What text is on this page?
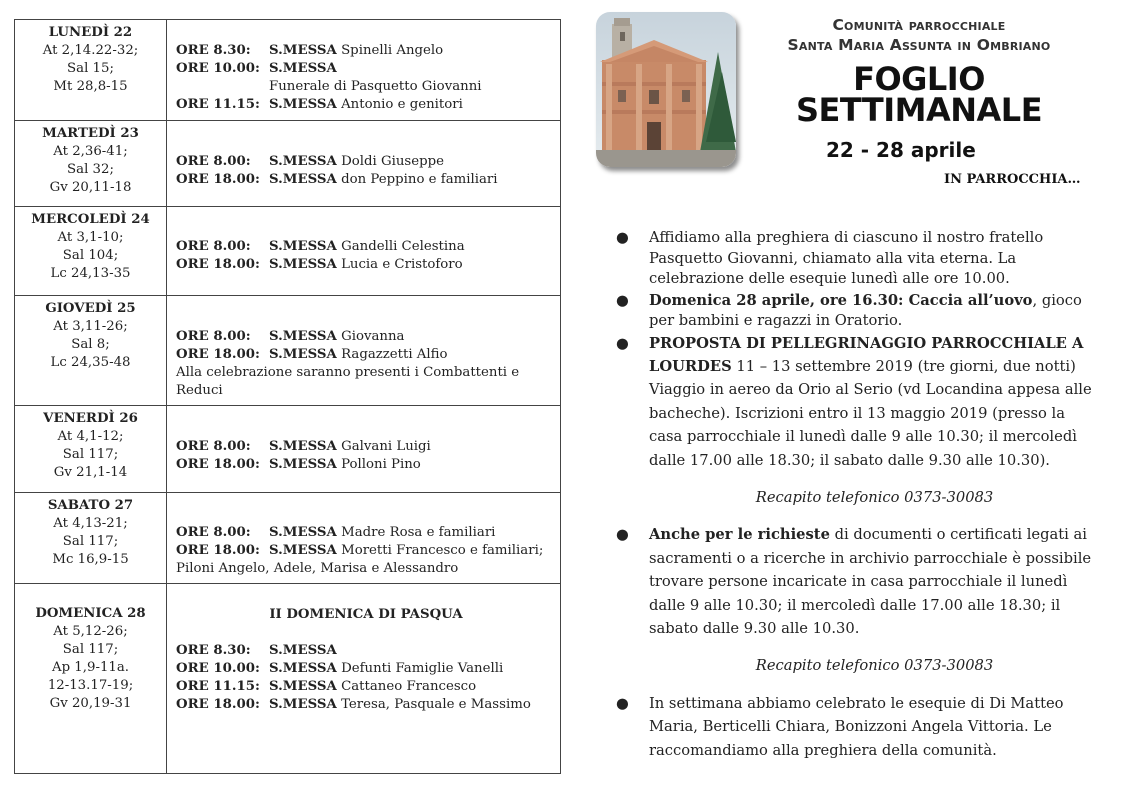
LUNEDÌ 22
At 2,14.22-32;
Sal 15;
Mt 28,8-15
ORE 8.30: S.MESSA Spinelli Angelo
ORE 10.00: S.MESSA
Funerale di Pasquetto Giovanni
ORE 11.15: S.MESSA Antonio e genitori
MARTEDÌ 23
At 2,36-41;
Sal 32;
Gv 20,11-18
ORE 8.00: S.MESSA Doldi Giuseppe
ORE 18.00: S.MESSA don Peppino e familiari
MERCOLEDÌ 24
At 3,1-10;
Sal 104;
Lc 24,13-35
ORE 8.00: S.MESSA Gandelli Celestina
ORE 18.00: S.MESSA Lucia e Cristoforo
GIOVEDÌ 25
At 3,11-26;
Sal 8;
Lc 24,35-48
ORE 8.00: S.MESSA Giovanna
ORE 18.00: S.MESSA Ragazzetti Alfio
Alla celebrazione saranno presenti i Combattenti e Reduci
VENERDÌ 26
At 4,1-12;
Sal 117;
Gv 21,1-14
ORE 8.00: S.MESSA Galvani Luigi
ORE 18.00: S.MESSA Polloni Pino
SABATO 27
At 4,13-21;
Sal 117;
Mc 16,9-15
ORE 8.00: S.MESSA Madre Rosa e familiari
ORE 18.00: S.MESSA Moretti Francesco e familiari;
Piloni Angelo, Adele, Marisa e Alessandro
DOMENICA 28
At 5,12-26;
Sal 117;
Ap 1,9-11a.
12-13.17-19;
Gv 20,19-31
II DOMENICA DI PASQUA
ORE 8.30: S.MESSA
ORE 10.00: S.MESSA Defunti Famiglie Vanelli
ORE 11.15: S.MESSA Cattaneo Francesco
ORE 18.00: S.MESSA Teresa, Pasquale e Massimo
Comunità parrocchiale
Santa Maria Assunta in Ombriano
FOGLIO
SETTIMANALE
22 - 28 aprile
IN PARROCCHIA…
● Affidiamo alla preghiera di ciascuno il nostro fratello Pasquetto Giovanni, chiamato alla vita eterna. La celebrazione delle esequie lunedì alle ore 10.00.
● Domenica 28 aprile, ore 16.30: Caccia all’uovo, gioco per bambini e ragazzi in Oratorio.
● PROPOSTA DI PELLEGRINAGGIO PARROCCHIALE A LOURDES 11 – 13 settembre 2019 (tre giorni, due notti) Viaggio in aereo da Orio al Serio (vd Locandina appesa alle bacheche). Iscrizioni entro il 13 maggio 2019 (presso la casa parrocchiale il lunedì dalle 9 alle 10.30; il mercoledì dalle 17.00 alle 18.30; il sabato dalle 9.30 alle 10.30).
Recapito telefonico 0373-30083
● Anche per le richieste di documenti o certificati legati ai sacramenti o a ricerche in archivio parrocchiale è possibile trovare persone incaricate in casa parrocchiale il lunedì dalle 9 alle 10.30; il mercoledì dalle 17.00 alle 18.30; il sabato dalle 9.30 alle 10.30.
Recapito telefonico 0373-30083
● In settimana abbiamo celebrato le esequie di Di Matteo Maria, Berticelli Chiara, Bonizzoni Angela Vittoria. Le raccomandiamo alla preghiera della comunità.
